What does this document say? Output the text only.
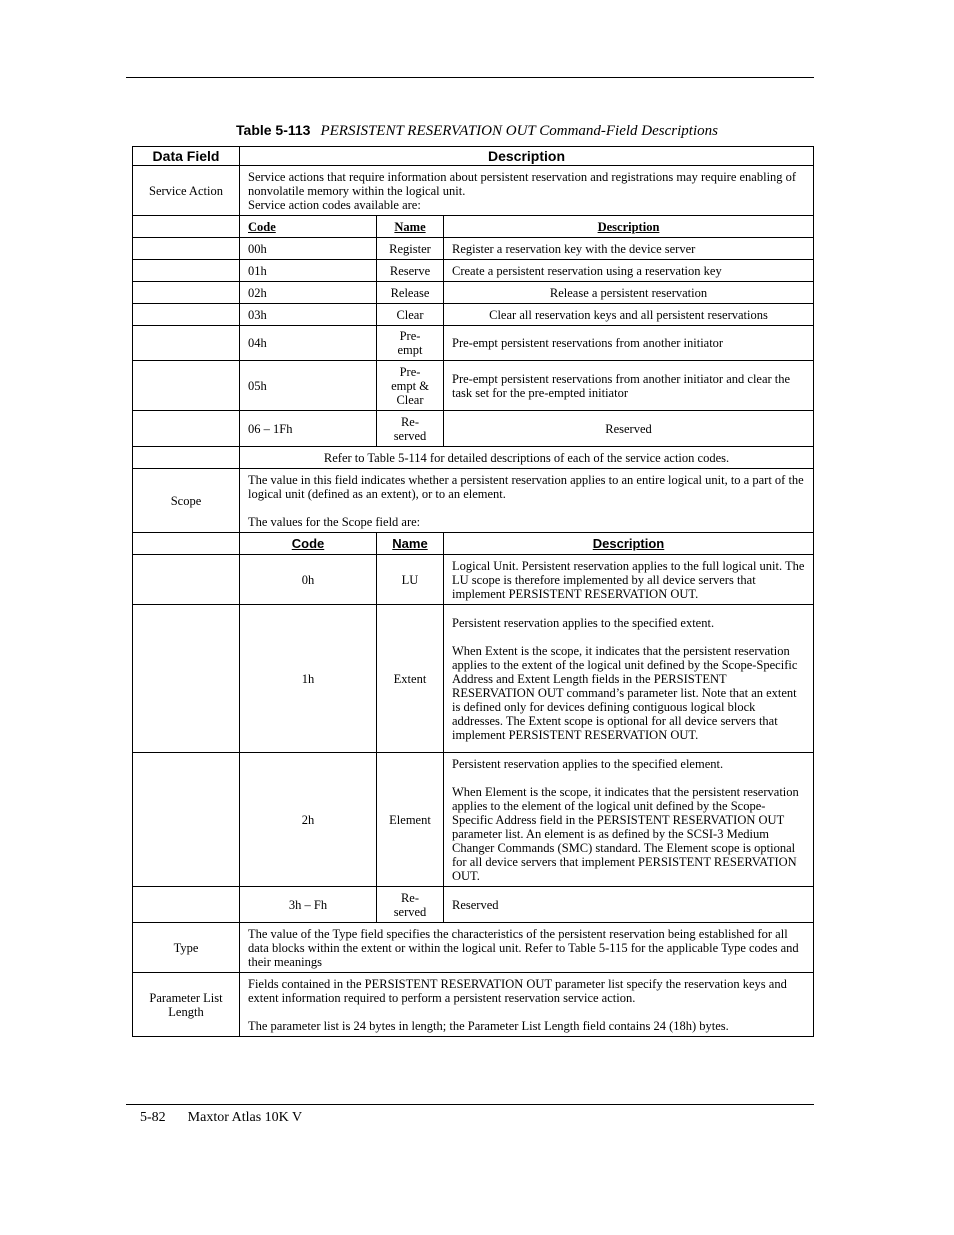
Table 5-113 PERSISTENT RESERVATION OUT Command-Field Descriptions
Data Field	Description		
Service Action	Service actions that require information about persistent reservation and registrations may require enabling of nonvolatile memory within the logical unit.
Service action codes available are:		

	Code	Name	Description
	00h	Register	Register a reservation key with the device server
	01h	Reserve	Create a persistent reservation using a reservation key
	02h	Release	Release a persistent reservation
	03h	Clear	Clear all reservation keys and all persistent reservations
	04h	Pre-empt	Pre-empt persistent reservations from another initiator
	05h	Pre-empt & Clear	Pre-empt persistent reservations from another initiator and clear the task set for the pre-empted initiator
	06 – 1Fh	Re-served	Reserved
	Refer to Table 5-114 for detailed descriptions of each of the service action codes.		
Scope	The value in this field indicates whether a persistent reservation applies to an entire logical unit, to a part of the logical unit (defined as an extent), or to an element.
The values for the Scope field are:		

	Code	Name	Description
	0h	LU	Logical Unit. Persistent reservation applies to the full logical unit. The LU scope is therefore implemented by all device servers that implement PERSISTENT RESERVATION OUT.
	1h	Extent	Persistent reservation applies to the specified extent.
When Extent is the scope, it indicates that the persistent reservation applies to the extent of the logical unit defined by the Scope-Specific Address and Extent Length fields in the PERSISTENT RESERVATION OUT command’s parameter list. Note that an extent is defined only for devices defining contiguous logical block addresses. The Extent scope is optional for all device servers that implement PERSISTENT RESERVATION OUT.

	2h	Element	Persistent reservation applies to the specified element.
When Element is the scope, it indicates that the persistent reservation applies to the element of the logical unit defined by the Scope-Specific Address field in the PERSISTENT RESERVATION OUT parameter list. An element is as defined by the SCSI-3 Medium Changer Commands (SMC) standard. The Element scope is optional for all device servers that implement PERSISTENT RESERVATION OUT.

	3h – Fh	Re-served	Reserved
Type	The value of the Type field specifies the characteristics of the persistent reservation being established for all data blocks within the extent or within the logical unit. Refer to Table 5-115 for the applicable Type codes and their meanings		
Parameter List Length	Fields contained in the PERSISTENT RESERVATION OUT parameter list specify the reservation keys and extent information required to perform a persistent reservation service action.
The parameter list is 24 bytes in length; the Parameter List Length field contains 24 (18h) bytes.		
5-82 Maxtor Atlas 10K V
